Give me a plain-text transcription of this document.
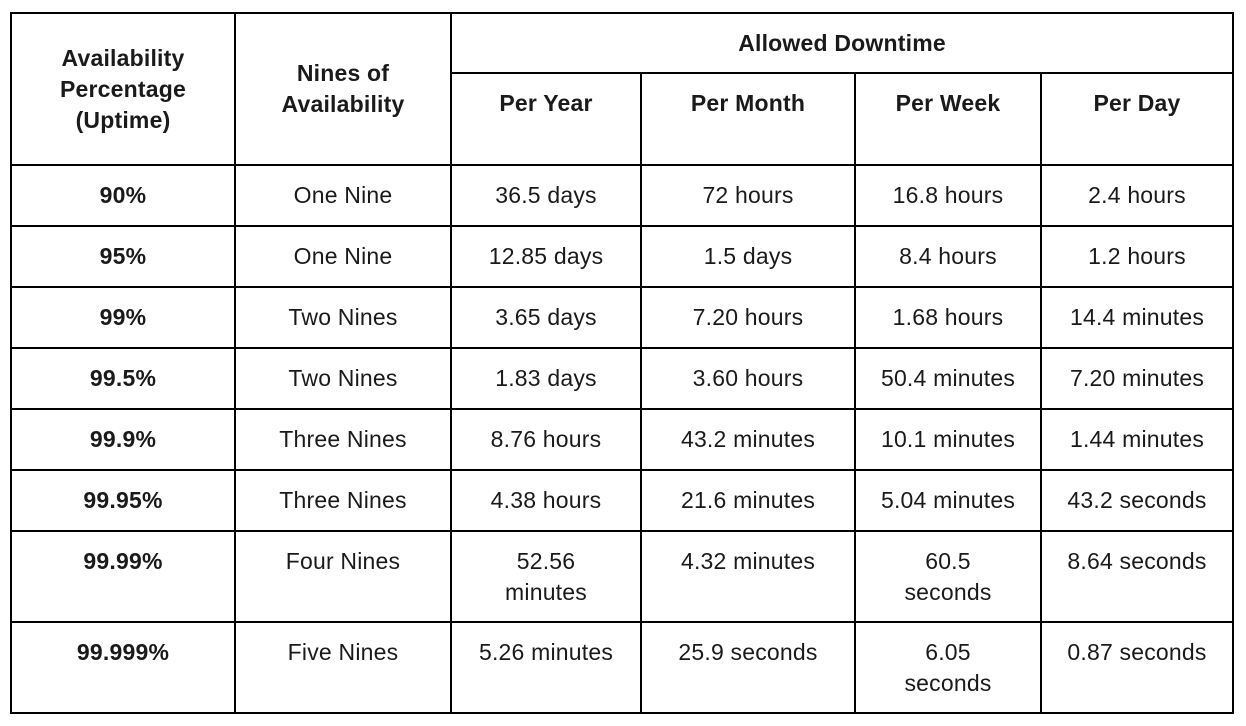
Availability Percentage (Uptime)	Nines of Availability	Allowed Downtime			
		Per Year	Per Month	Per Week	Per Day
90%	One Nine	36.5 days	72 hours	16.8 hours	2.4 hours
95%	One Nine	12.85 days	1.5 days	8.4 hours	1.2 hours
99%	Two Nines	3.65 days	7.20 hours	1.68 hours	14.4 minutes
99.5%	Two Nines	1.83 days	3.60 hours	50.4 minutes	7.20 minutes
99.9%	Three Nines	8.76 hours	43.2 minutes	10.1 minutes	1.44 minutes
99.95%	Three Nines	4.38 hours	21.6 minutes	5.04 minutes	43.2 seconds
99.99%	Four Nines	52.56 minutes	4.32 minutes	60.5 seconds	8.64 seconds
99.999%	Five Nines	5.26 minutes	25.9 seconds	6.05 seconds	0.87 seconds
